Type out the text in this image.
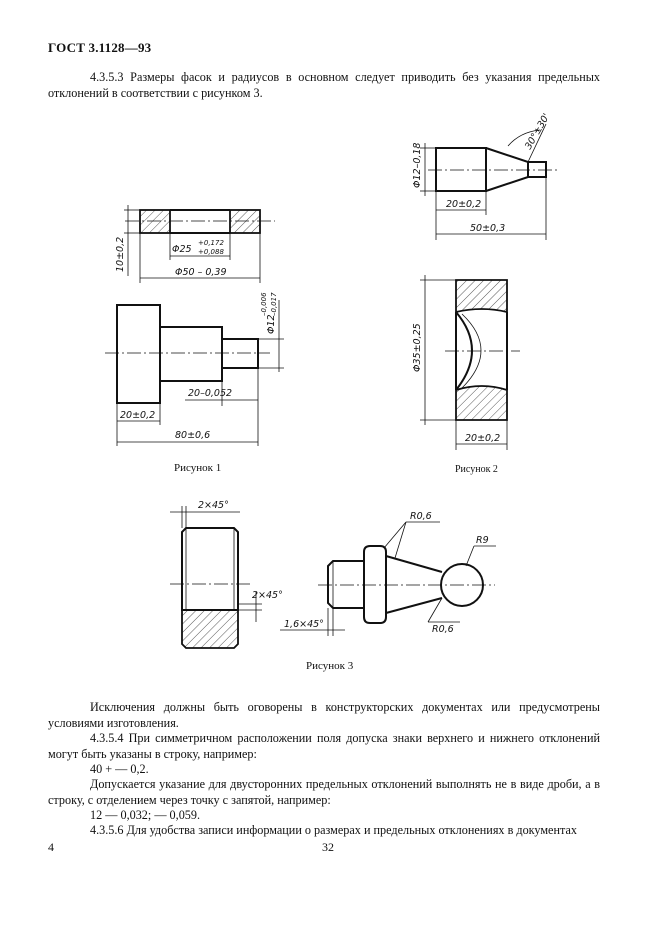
ГОСТ 3.1128—93
4.3.5.3 Размеры фасок и радиусов в основном следует приводить без указания предельных отклонений в соответствии с рисунком 3.
10±0,2	Φ25
+0,172
+0,088
Φ50 – 0,39
Φ12
–0,006 –0,017
20–0,052
20±0,2
80±0,6
Φ12–0,18
30°±30'
20±0,2
50±0,3
Φ35±0,25
20±0,2
2×45°
2×45°
R0,6
R9
R0,6
1,6×45°
Рисунок 1	Рисунок 2
Рисунок 3
Исключения должны быть оговорены в конструкторских документах или предусмотрены условиями изготовления.
4.3.5.4 При симметричном расположении поля допуска знаки верхнего и нижнего отклонений могут быть указаны в строку, например:
40 + — 0,2.
Допускается указание для двусторонних предельных отклонений выполнять не в виде дроби, а в строку, с отделением через точку с запятой, например:
12 — 0,032; — 0,059.
4.3.5.6 Для удобства записи информации о размерах и предельных отклонениях в документах
4	32
